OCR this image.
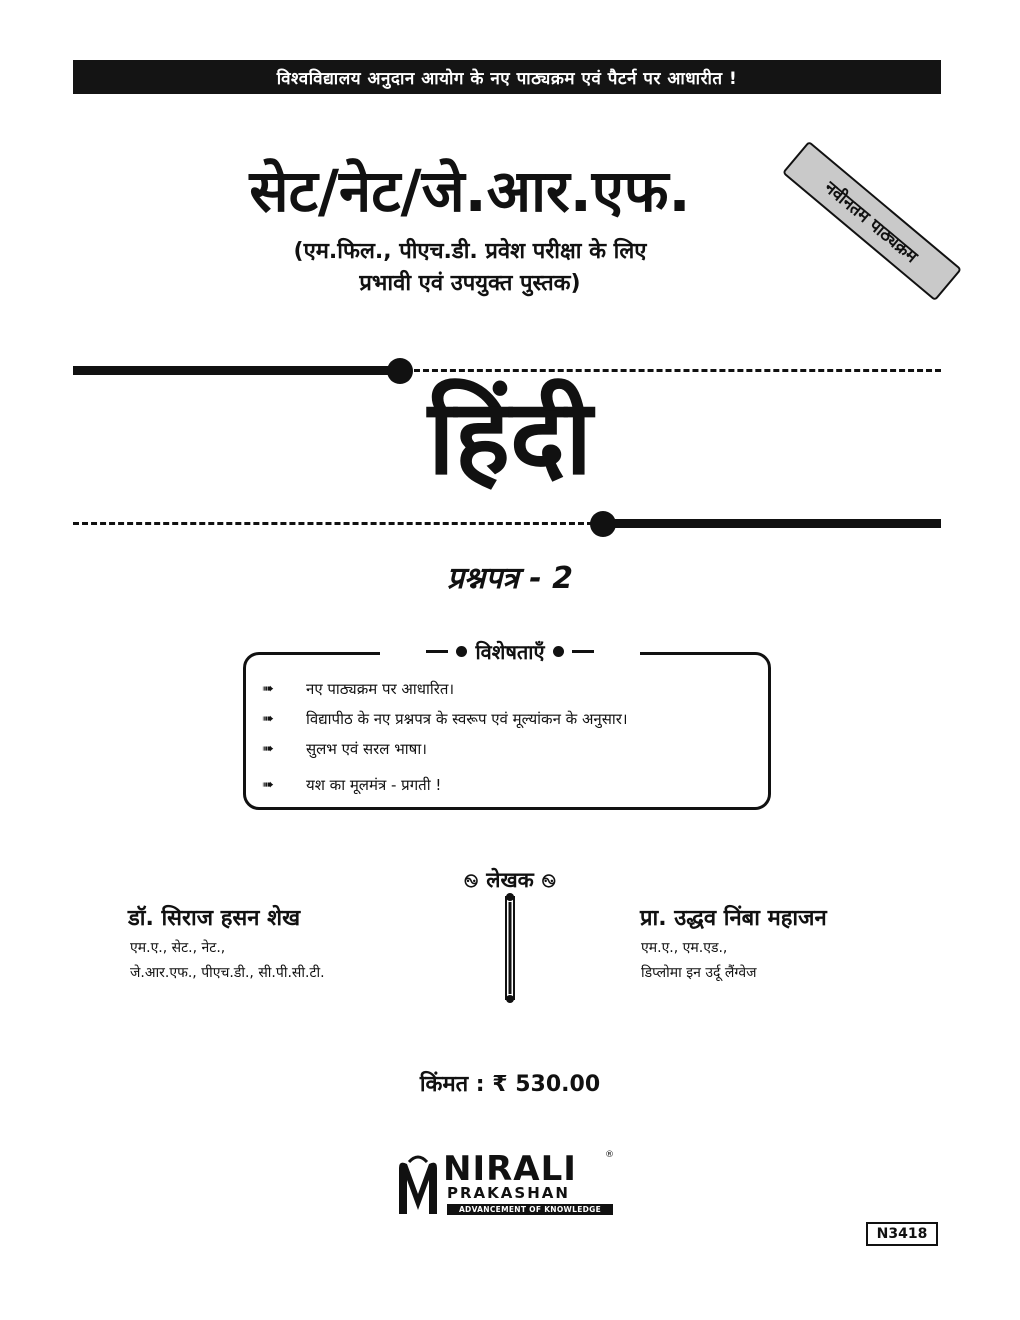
विश्वविद्यालय अनुदान आयोग के नए पाठ्यक्रम एवं पैटर्न पर आधारीत !
सेट/नेट/जे.आर.एफ.
(एम.फिल., पीएच.डी. प्रवेश परीक्षा के लिए
प्रभावी एवं उपयुक्त पुस्तक)
नवीनतम पाठ्यक्रम
हिंदी
प्रश्नपत्र - 2
विशेषताएँ
➠	नए पाठ्यक्रम पर आधारित।
➠	विद्यापीठ के नए प्रश्नपत्र के स्वरूप एवं मूल्यांकन के अनुसार।
➠	सुलभ एवं सरल भाषा।
➠	यश का मूलमंत्र - प्रगती !
࿊ लेखक ࿊
डॉ. सिराज हसन शेख
एम.ए., सेट., नेट.,
जे.आर.एफ., पीएच.डी., सी.पी.सी.टी.
प्रा. उद्धव निंबा महाजन
एम.ए., एम.एड.,
डिप्लोमा इन उर्दू लैंग्वेज
किंमत : ₹ 530.00
NIRALI	®
PRAKASHAN
ADVANCEMENT OF KNOWLEDGE
N3418
